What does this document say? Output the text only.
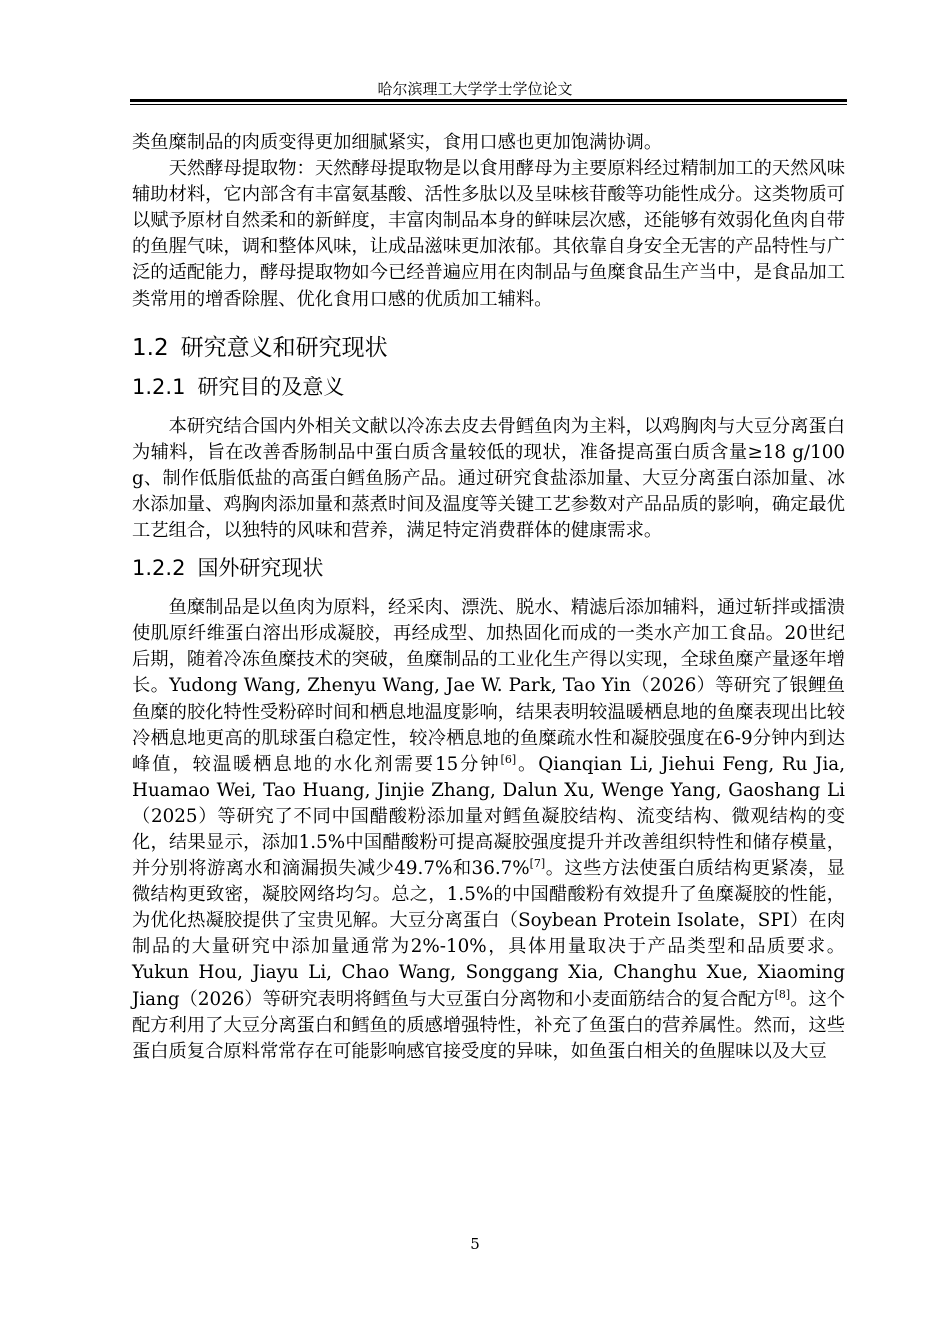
哈尔滨理工大学学士学位论文

类鱼糜制品的肉质变得更加细腻紧实，食用口感也更加饱满协调。

天然酵母提取物：天然酵母提取物是以食用酵母为主要原料经过精制加工的天然风味辅助材料，它内部含有丰富氨基酸、活性多肽以及呈味核苷酸等功能性成分。这类物质可以赋予原材自然柔和的新鲜度，丰富肉制品本身的鲜味层次感，还能够有效弱化鱼肉自带的鱼腥气味，调和整体风味，让成品滋味更加浓郁。其依靠自身安全无害的产品特性与广泛的适配能力，酵母提取物如今已经普遍应用在肉制品与鱼糜食品生产当中，是食品加工类常用的增香除腥、优化食用口感的优质加工辅料。

1.2 研究意义和研究现状
1.2.1 研究目的及意义

本研究结合国内外相关文献以冷冻去皮去骨鳕鱼肉为主料，以鸡胸肉与大豆分离蛋白为辅料，旨在改善香肠制品中蛋白质含量较低的现状，准备提高蛋白质含量≥18 g/100 g、制作低脂低盐的高蛋白鳕鱼肠产品。通过研究食盐添加量、大豆分离蛋白添加量、冰水添加量、鸡胸肉添加量和蒸煮时间及温度等关键工艺参数对产品品质的影响，确定最优工艺组合，以独特的风味和营养，满足特定消费群体的健康需求。

1.2.2 国外研究现状

鱼糜制品是以鱼肉为原料，经采肉、漂洗、脱水、精滤后添加辅料，通过斩拌或擂溃使肌原纤维蛋白溶出形成凝胶，再经成型、加热固化而成的一类水产加工食品。20世纪后期，随着冷冻鱼糜技术的突破，鱼糜制品的工业化生产得以实现，全球鱼糜产量逐年增长。Yudong Wang, Zhenyu Wang, Jae W. Park, Tao Yin（2026）等研究了银鲤鱼鱼糜的胶化特性受粉碎时间和栖息地温度影响，结果表明较温暖栖息地的鱼糜表现出比较冷栖息地更高的肌球蛋白稳定性，较冷栖息地的鱼糜疏水性和凝胶强度在6-9分钟内到达峰值，较温暖栖息地的水化剂需要15分钟[6]。Qianqian Li, Jiehui Feng, Ru Jia, Huamao Wei, Tao Huang, Jinjie Zhang, Dalun Xu, Wenge Yang, Gaoshang Li（2025）等研究了不同中国醋酸粉添加量对鳕鱼凝胶结构、流变结构、微观结构的变化，结果显示，添加1.5%中国醋酸粉可提高凝胶强度提升并改善组织特性和储存模量，并分别将游离水和滴漏损失减少49.7%和36.7%[7]。这些方法使蛋白质结构更紧凑，显微结构更致密，凝胶网络均匀。总之，1.5%的中国醋酸粉有效提升了鱼糜凝胶的性能，为优化热凝胶提供了宝贵见解。大豆分离蛋白（Soybean Protein Isolate，SPI）在肉制品的大量研究中添加量通常为2%-10%，具体用量取决于产品类型和品质要求。Yukun Hou, Jiayu Li, Chao Wang, Songgang Xia, Changhu Xue, Xiaoming Jiang（2026）等研究表明将鳕鱼与大豆蛋白分离物和小麦面筋结合的复合配方[8]。这个配方利用了大豆分离蛋白和鳕鱼的质感增强特性，补充了鱼蛋白的营养属性。然而，这些蛋白质复合原料常常存在可能影响感官接受度的异味，如鱼蛋白相关的鱼腥味以及大豆

5
